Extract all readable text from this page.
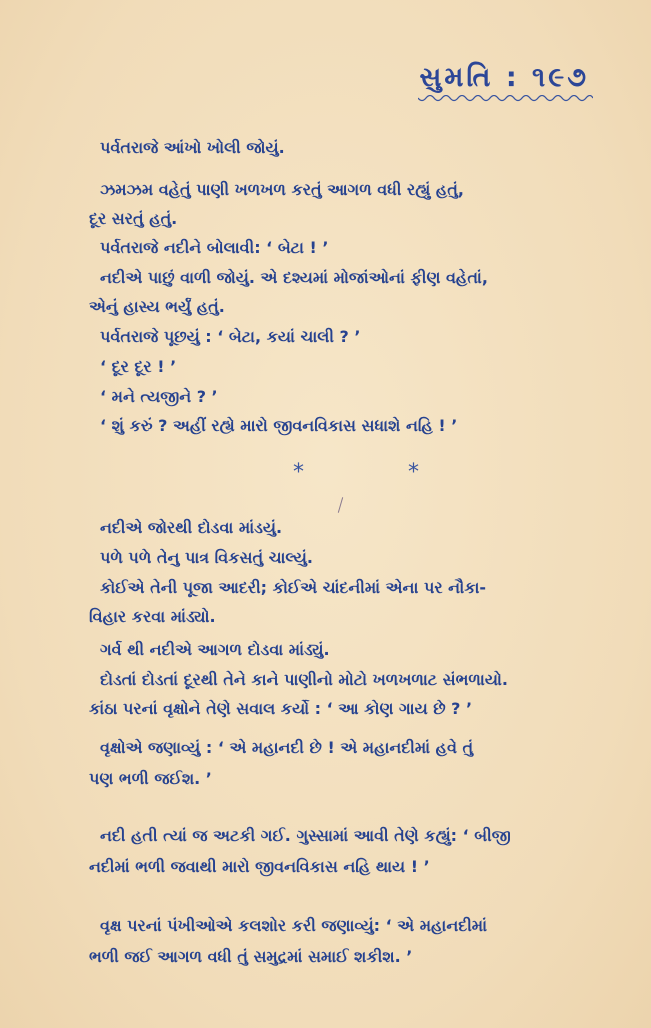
સુમતિ : ૧૯૭
પર્વતરાજે આંખો ખોલી જોયું.
ઝમઝમ વહેતું પાણી ખળખળ કરતું આગળ વધી રહ્યું હતું,
દૂર સરતું હતું.
પર્વતરાજે નદીને બોલાવી: ‘ બેટા ! ’
નદીએ પાછું વાળી જોયું. એ દશ્યમાં મોજાંઓનાં ફીણ વહેતાં,
એનું હાસ્ય ભર્યું હતું.
પર્વતરાજે પૂછયું : ‘ બેટા, કયાં ચાલી ? ’
‘ દૂર દૂર ! ’
‘ મને ત્યજીને ? ’
‘ શું કરું ? અહીં રહ્યે મારો જીવનવિકાસ સધાશે નહિ ! ’
*	*
નદીએ જોરથી દોડવા માંડયું.
પળે પળે તેનુ પાત્ર વિકસતું ચાલ્યું.
કોઈએ તેની પૂજા આદરી; કોઈએ ચાંદનીમાં એના પર નૌકા-
વિહાર કરવા માંડ્યો.
ગર્વ થી નદીએ આગળ દોડવા માંડ્યું.
દોડતાં દોડતાં દૂરથી તેને કાને પાણીનો મોટો ખળખળાટ સંભળાયો.
કાંઠા પરનાં વૃક્ષોને તેણે સવાલ કર્યો : ‘ આ કોણ ગાય છે ? ’
વૃક્ષોએ જણાવ્યું : ‘ એ મહાનદી છે ! એ મહાનદીમાં હવે તું
પણ ભળી જઈશ. ’
નદી હતી ત્યાં જ અટકી ગઈ. ગુસ્સામાં આવી તેણે કહ્યું: ‘ બીજી
નદીમાં ભળી જવાથી મારો જીવનવિકાસ નહિ થાય ! ’
વૃક્ષ પરનાં પંખીઓએ કલશોર કરી જણાવ્યું: ‘ એ મહાનદીમાં
ભળી જઈ આગળ વધી તું સમુદ્રમાં સમાઈ શકીશ. ’
